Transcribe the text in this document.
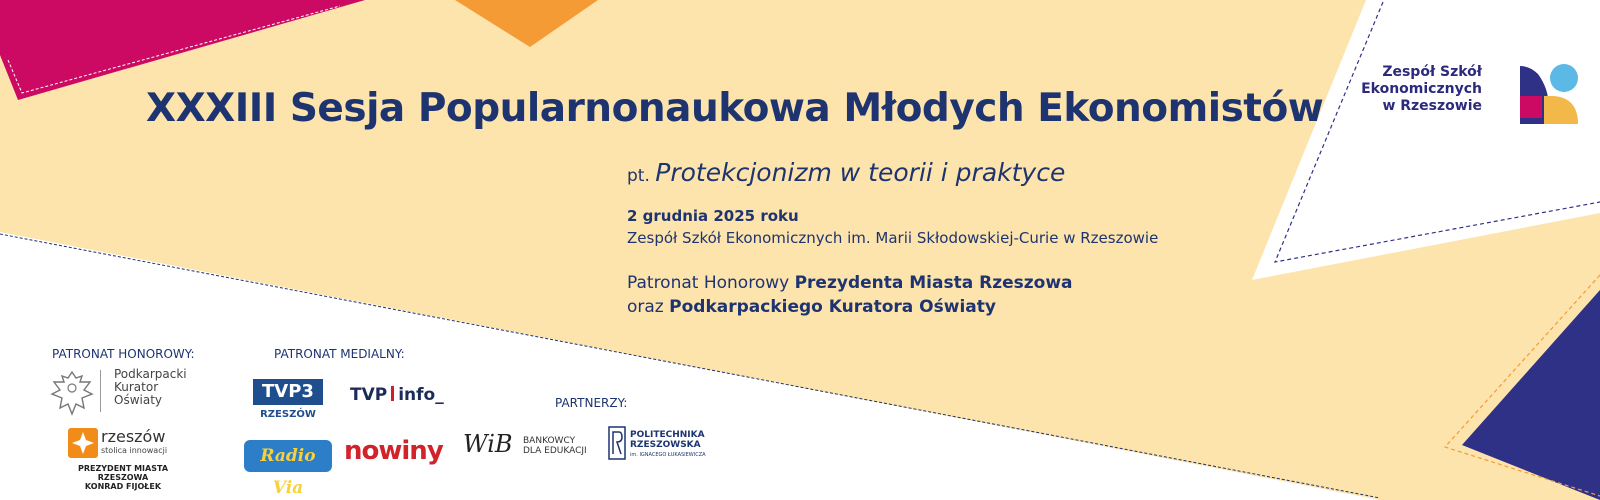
Zespół Szkół
Ekonomicznych
w Rzeszowie
XXXIII Sesja Popularnonaukowa Młodych Ekonomistów
pt. Protekcjonizm w teorii i praktyce
2 grudnia 2025 roku
Zespół Szkół Ekonomicznych im. Marii Skłodowskiej-Curie w Rzeszowie
Patronat Honorowy Prezydenta Miasta Rzeszowa
oraz Podkarpackiego Kuratora Oświaty
PATRONAT HONOROWY:	PATRONAT MEDIALNY:
PARTNERZY:
Podkarpacki
Kurator
Oświaty
rzeszów
stolica innowacji
PREZYDENT MIASTA RZESZOWA
KONRAD FIJOŁEK
TVP3
RZESZÓW
TVP info_
Radio Via
nowiny WiB BANKOWCY
DLA EDUKACJI
POLITECHNIKA
RZESZOWSKA
im. IGNACEGO ŁUKASIEWICZA
